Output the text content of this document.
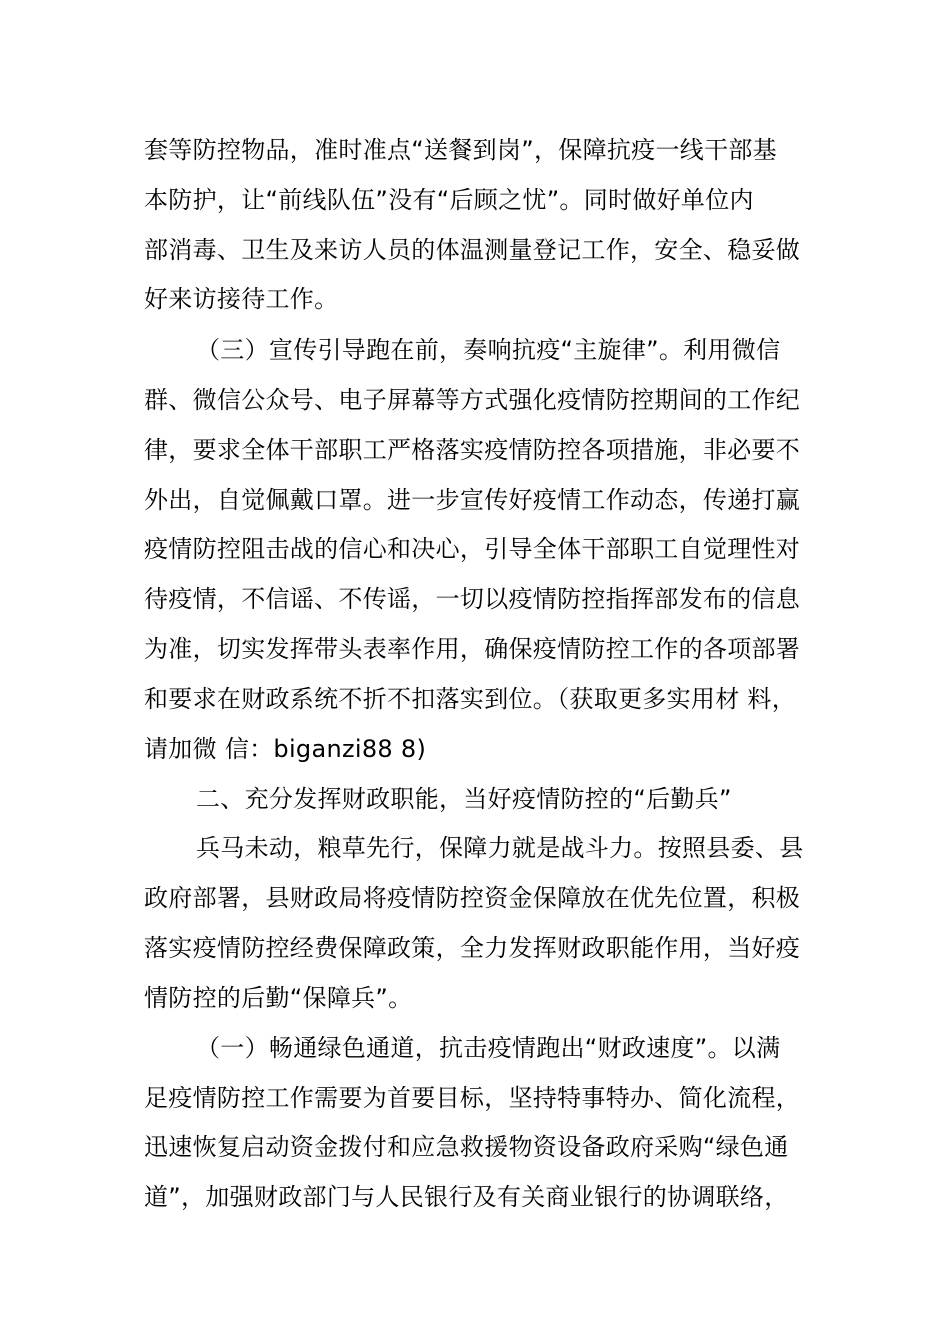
套等防控物品，准时准点“送餐到岗”，保障抗疫一线干部基
本防护，让“前线队伍”没有“后顾之忧”。同时做好单位内
部消毒、卫生及来访人员的体温测量登记工作，安全、稳妥做
好来访接待工作。
（三）宣传引导跑在前，奏响抗疫“主旋律”。利用微信
群、微信公众号、电子屏幕等方式强化疫情防控期间的工作纪
律，要求全体干部职工严格落实疫情防控各项措施，非必要不
外出，自觉佩戴口罩。进一步宣传好疫情工作动态，传递打赢
疫情防控阻击战的信心和决心，引导全体干部职工自觉理性对
待疫情，不信谣、不传谣，一切以疫情防控指挥部发布的信息
为准，切实发挥带头表率作用，确保疫情防控工作的各项部署
和要求在财政系统不折不扣落实到位。（获取更多实用材 料，
请加微 信：biganzi88 8)
二、充分发挥财政职能，当好疫情防控的“后勤兵”
兵马未动，粮草先行，保障力就是战斗力。按照县委、县
政府部署，县财政局将疫情防控资金保障放在优先位置，积极
落实疫情防控经费保障政策，全力发挥财政职能作用，当好疫
情防控的后勤“保障兵”。
（一）畅通绿色通道，抗击疫情跑出“财政速度”。以满
足疫情防控工作需要为首要目标，坚持特事特办、简化流程，
迅速恢复启动资金拨付和应急救援物资设备政府采购“绿色通
道”，加强财政部门与人民银行及有关商业银行的协调联络，
